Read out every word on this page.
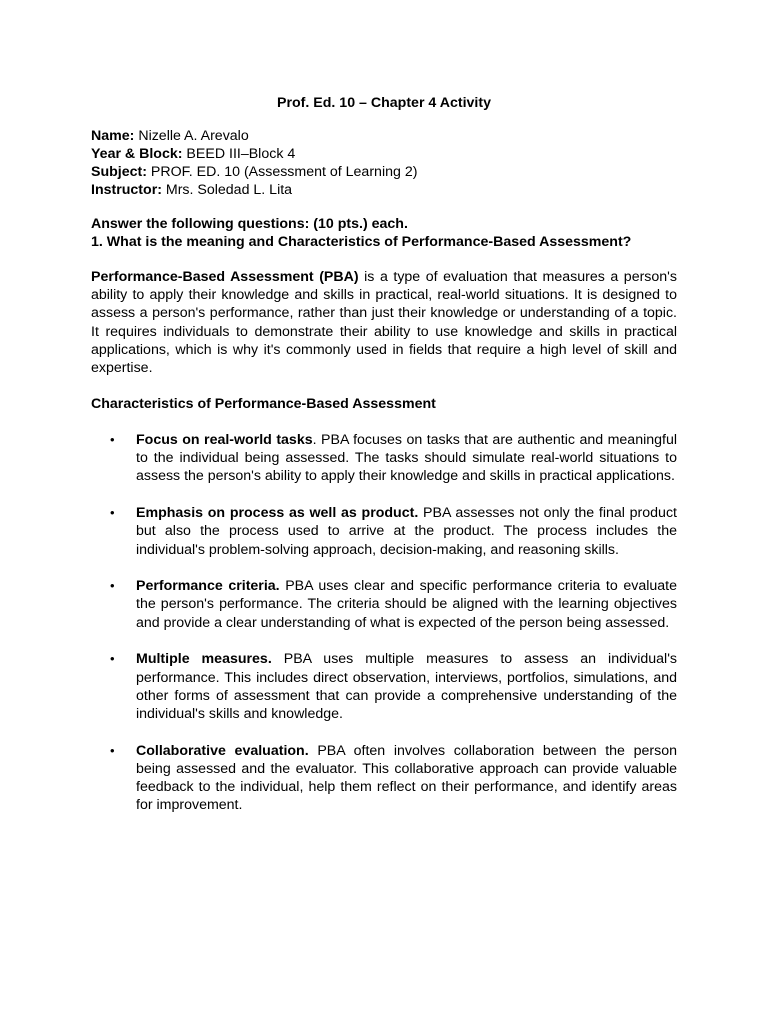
Prof. Ed. 10 – Chapter 4 Activity
Name: Nizelle A. Arevalo
Year & Block: BEED III–Block 4
Subject: PROF. ED. 10 (Assessment of Learning 2)
Instructor: Mrs. Soledad L. Lita
Answer the following questions: (10 pts.) each.
1. What is the meaning and Characteristics of Performance-Based Assessment?
Performance-Based Assessment (PBA) is a type of evaluation that measures a person's ability to apply their knowledge and skills in practical, real-world situations. It is designed to assess a person's performance, rather than just their knowledge or understanding of a topic. It requires individuals to demonstrate their ability to use knowledge and skills in practical applications, which is why it's commonly used in fields that require a high level of skill and expertise.
Characteristics of Performance-Based Assessment
• Focus on real-world tasks. PBA focuses on tasks that are authentic and meaningful to the individual being assessed. The tasks should simulate real-world situations to assess the person's ability to apply their knowledge and skills in practical applications.
• Emphasis on process as well as product. PBA assesses not only the final product but also the process used to arrive at the product. The process includes the individual's problem-solving approach, decision-making, and reasoning skills.
• Performance criteria. PBA uses clear and specific performance criteria to evaluate the person's performance. The criteria should be aligned with the learning objectives and provide a clear understanding of what is expected of the person being assessed.
• Multiple measures. PBA uses multiple measures to assess an individual's performance. This includes direct observation, interviews, portfolios, simulations, and other forms of assessment that can provide a comprehensive understanding of the individual's skills and knowledge.
• Collaborative evaluation. PBA often involves collaboration between the person being assessed and the evaluator. This collaborative approach can provide valuable feedback to the individual, help them reflect on their performance, and identify areas for improvement.
